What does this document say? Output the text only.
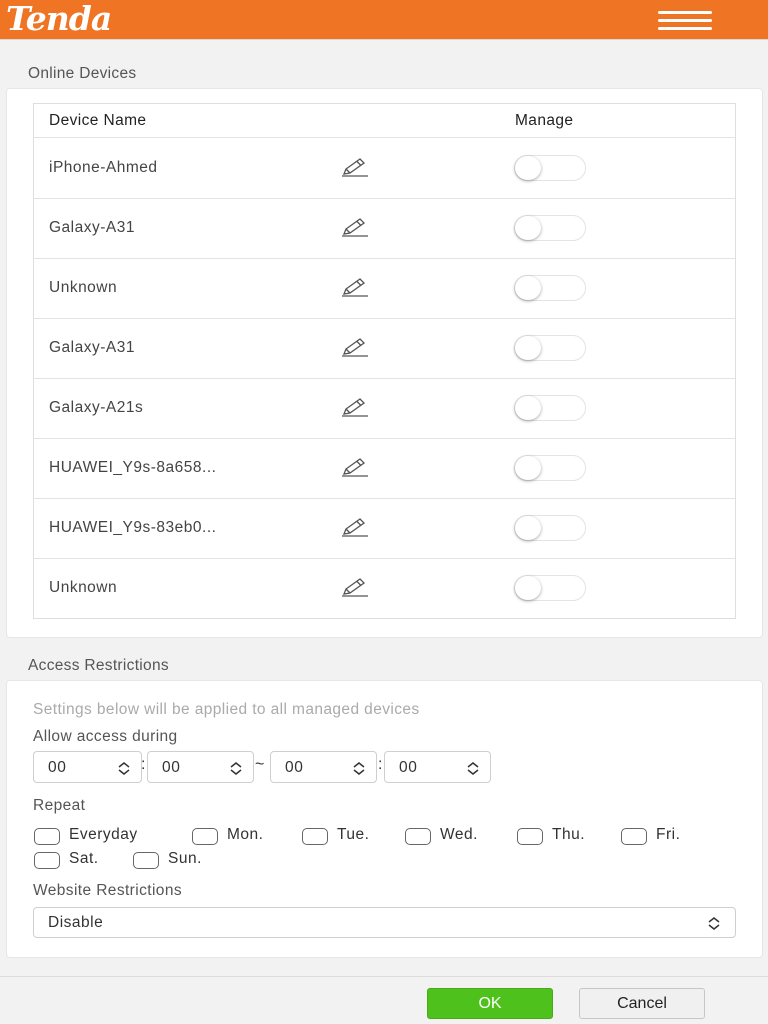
Tenda
Online Devices
Device Name	Manage
iPhone-Ahmed
Galaxy-A31
Unknown
Galaxy-A31
Galaxy-A21s
HUAWEI_Y9s-8a658...
HUAWEI_Y9s-83eb0...
Unknown
Access Restrictions
Settings below will be applied to all managed devices
Allow access during
00	: 00	~ 00	: 00
Repeat
Everyday	Mon.	Tue.	Wed.	Thu.	Fri.
Sat.	Sun.
Website Restrictions
Disable
OK	Cancel
